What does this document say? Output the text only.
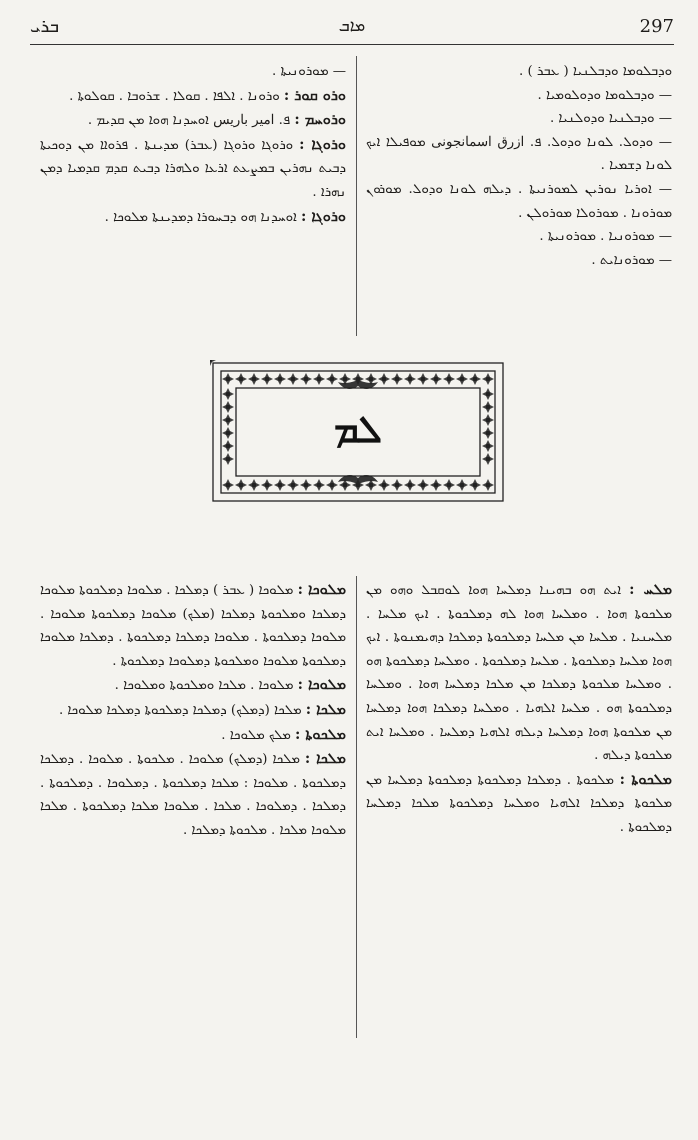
ܒܪܝ	ܡܐܒ	297

ܘܕܒܠܘܡܐ ܘܕܒܠܢܝܐ ( ܥܒܪ ) .

— ܘܕܒܠܘܡܐ ܘܕܘܠܘܡܝܐ .

— ܘܕܒܠܢܝܐ ܘܕܘܠܢܝܐ .

— ܘܕܘܠ. ܠܘܢܐ ܘܕܘܠ. ܦ. ازرق اسمانجونی ܡܘܦܝܠܐ ܐܝܟ ܠܘܢܐ ܕܫܡܝܐ .

— ܐܘܪܝܐ ܢܘܪܝܢ ܠܡܘܪܢܝܬܐ . ܕܝܠܗ ܠܘܢܐ ܘܕܘܠ. ܡܘܪܘܢ ܡܘܪܘܢܐ . ܡܘܪܘܠܐ ܡܘܪܘܠܢ .

— ܡܘܪܘܢܝܐ . ܡܘܪܘܢܝܬܐ .

— ܡܘܪܘܢܐܝܬ .

— ܡܘܪܘܢܝܬܐ .

ܘܪܘ ܩܘܪ : ܘܪܘܢܐ . ܐܠܦܐ . ܩܘܠܐ . ܫܪܘܒܐ . ܩܘܠܘܬܐ .

ܘܪܘܚܡ : ܦ. امير باريس ܐܘܚܕܢܐ ܗܘܐ ܡܢ ܩܕܝܡ .

ܘܪܘܓܐ : ܘܪܘܓܐ ܘܪܘܓܐ (ܥܒܪ) ܡܕܝܢܬܐ . ܦܪܘܐܐ ܡܢ ܕܘܟܝܬܐ ܕܒܝܬ ܢܗܪܝܢ ܒܡܨܥܬ ܐܪܥܐ ܘܠܗܪܐ ܕܒܝܬ ܩܕܡ ܩܕܡܝܐ ܕܡܢ ܢܗܪܐ .

ܘܪܘܓܐ : ܐܘܚܕܢܐ ܗܘ ܕܒܚܘܪܐ ܕܡܕܝܢܬܐ ܡܠܘܟܐ .

ܠܡ

ܡܠܚ : ܐܝܬ ܗܘ ܒܗܝܢܐ ܕܡܠܚܐ ܗܘܐ ܠܘܩܒܠ ܘܗܘ ܡܢ ܡܠܟܘܬܐ ܗܘܐ . ܘܡܠܚܐ ܗܘܐ ܠܗ ܕܡܠܟܘܬܐ . ܐܝܟ ܡܠܚܐ . ܡܠܚܢܝܐ . ܡܠܚܐ ܡܢ ܡܠܚܐ ܕܡܠܟܘܬܐ ܕܡܠܟܐ ܕܗܝܡܢܘܬܐ . ܐܝܟ ܗܘܐ ܡܠܚܐ ܕܡܠܟܘܬܐ . ܡܠܚܐ ܕܡܠܟܘܬܐ . ܘܡܠܚܐ ܕܡܠܟܘܬܐ ܗܘ . ܘܡܠܚܐ ܡܠܟܘܬܐ ܕܡܠܟܐ ܡܢ ܡܠܟܐ ܕܡܠܚܐ ܗܘܐ . ܘܡܠܚܐ ܕܡܠܟܘܬܐ ܗܘ . ܡܠܚܐ ܐܠܗܝܐ . ܘܡܠܚܐ ܕܡܠܟܐ ܗܘܐ ܕܡܠܚܐ ܡܢ ܡܠܟܘܬܐ ܗܘܐ ܕܡܠܚܐ ܕܝܠܗ ܐܠܗܝܐ ܕܡܠܚܐ . ܘܡܠܚܐ ܐܝܬ ܡܠܟܘܬܐ ܕܝܠܗ .

ܡܠܟܘܬܐ : ܡܠܟܘܬܐ . ܕܡܠܟܐ ܕܡܠܟܘܬܐ ܕܡܠܟܘܬܐ ܕܡܠܚܐ ܡܢ ܡܠܟܘܬܐ ܕܡܠܟܐ ܐܠܗܝܐ ܘܡܠܚܐ ܕܡܠܟܘܬܐ ܡܠܟܐ ܕܡܠܚܐ ܕܡܠܟܘܬܐ .

ܡܠܘܟܐ : ܡܠܘܟܐ ( ܥܒܪ ) ܕܡܠܟܐ . ܡܠܘܟܐ ܕܡܠܟܘܬܐ ܡܠܘܟܐ ܕܡܠܟܐ ܘܡܠܟܘܬܐ ܕܡܠܟܐ (ܡܠܟ) ܡܠܘܟܐ ܕܡܠܟܘܬܐ ܡܠܘܟܐ . ܡܠܘܟܐ ܕܡܠܟܘܬܐ . ܡܠܘܟܐ ܕܡܠܟܐ ܕܡܠܟܘܬܐ . ܕܡܠܟܐ ܡܠܘܟܐ ܕܡܠܟܘܬܐ ܡܠܘܟܐ ܘܡܠܟܘܬܐ ܕܡܠܘܟܐ ܕܡܠܟܘܬܐ .

ܡܠܘܟܐ : ܡܠܘܟܐ . ܡܠܟܐ ܘܡܠܟܘܬܐ ܘܡܠܘܟܐ .

ܡܠܟܐ : ܡܠܟܐ (ܕܡܠܟ) ܕܡܠܟܐ ܕܡܠܟܘܬܐ ܕܡܠܟܐ ܡܠܘܟܐ .

ܡܠܟܘܬܐ : ܡܠܟ ܡܠܘܟܐ .

ܡܠܟܐ : ܡܠܟܐ (ܕܡܠܟ) ܡܠܘܟܐ . ܡܠܟܘܬܐ . ܡܠܘܟܐ . ܕܡܠܟܐ ܕܡܠܟܘܬܐ . ܡܠܘܟܐ : ܡܠܟܐ ܕܡܠܟܘܬܐ . ܕܡܠܘܟܐ . ܕܡܠܟܘܬܐ . ܕܡܠܟܐ . ܕܡܠܘܟܐ . ܡܠܟܐ . ܡܠܘܟܐ ܡܠܟܐ ܕܡܠܟܘܬܐ . ܡܠܟܐ ܡܠܘܟܐ ܡܠܟܐ . ܡܠܟܘܬܐ ܕܡܠܟܐ .
